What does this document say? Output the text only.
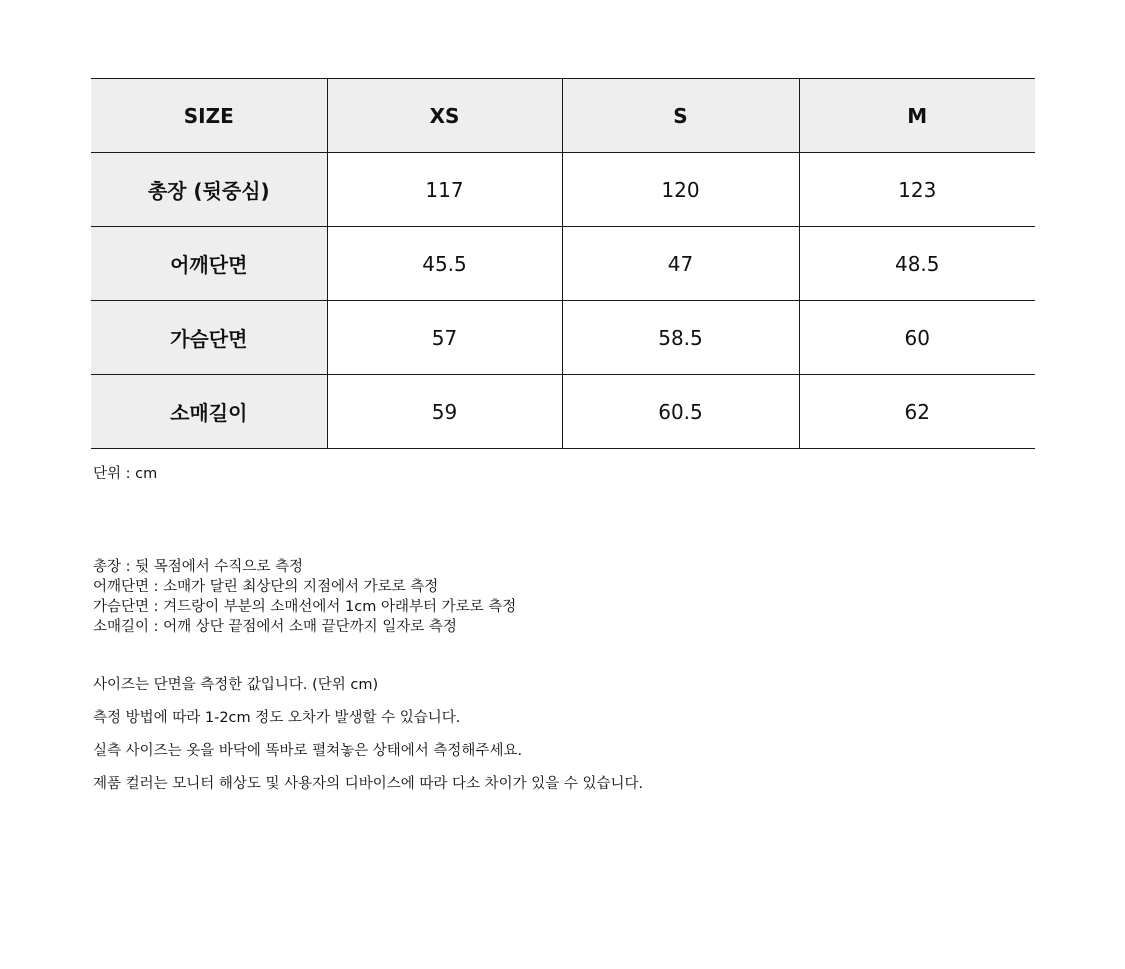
SIZE	XS	S	M
총장 (뒷중심)	117	120	123
어깨단면	45.5	47	48.5
가슴단면	57	58.5	60
소매길이	59	60.5	62

단위 : cm

총장 : 뒷 목점에서 수직으로 측정
어깨단면 : 소매가 달린 최상단의 지점에서 가로로 측정
가슴단면 : 겨드랑이 부분의 소매선에서 1cm 아래부터 가로로 측정
소매길이 : 어깨 상단 끝점에서 소매 끝단까지 일자로 측정
사이즈는 단면을 측정한 값입니다. (단위 cm)
측정 방법에 따라 1-2cm 정도 오차가 발생할 수 있습니다.
실측 사이즈는 옷을 바닥에 똑바로 펼쳐놓은 상태에서 측정해주세요.
제품 컬러는 모니터 해상도 및 사용자의 디바이스에 따라 다소 차이가 있을 수 있습니다.
